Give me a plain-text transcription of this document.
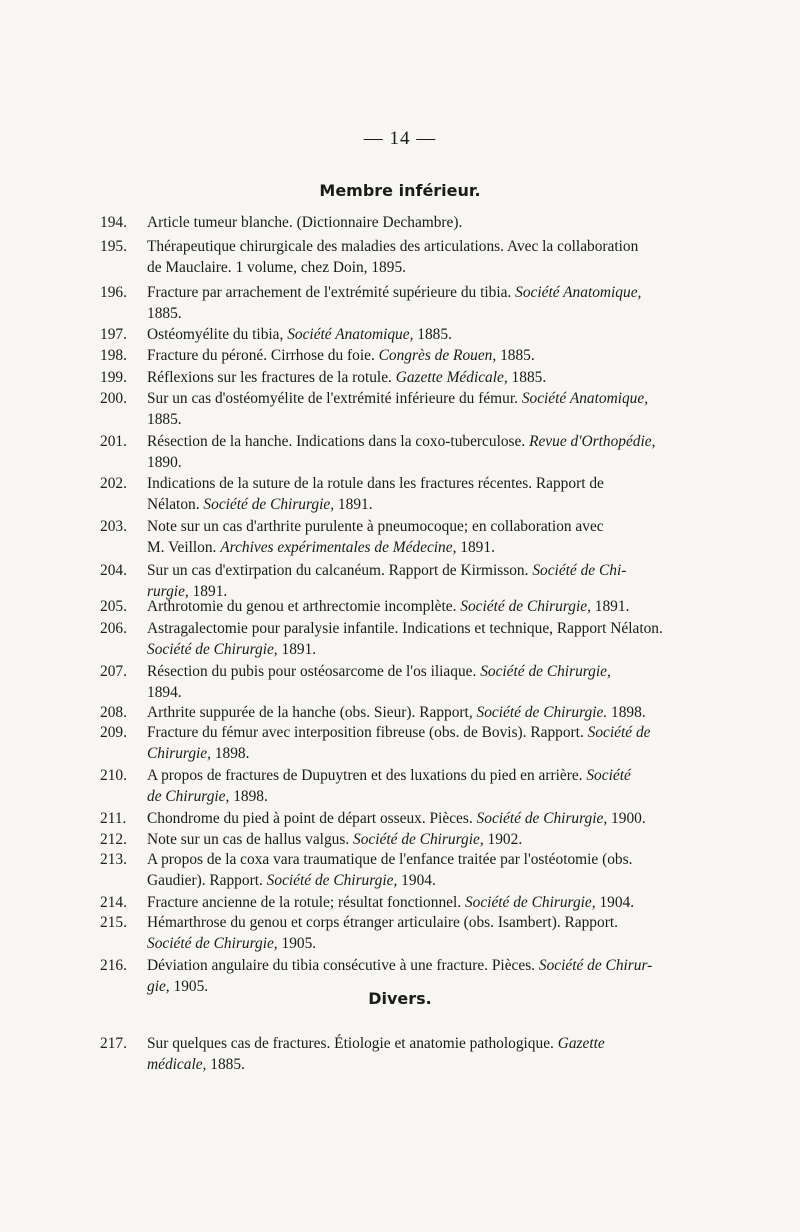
— 14 —
Membre inférieur.
Divers.
194.	Article tumeur blanche. (Dictionnaire Dechambre).
195.	Thérapeutique chirurgicale des maladies des articulations. Avec la collaboration
de Mauclaire. 1 volume, chez Doin, 1895.
196.	Fracture par arrachement de l'extrémité supérieure du tibia. Société Anatomique,
1885.
197.	Ostéomyélite du tibia, Société Anatomique, 1885.
198.	Fracture du péroné. Cirrhose du foie. Congrès de Rouen, 1885.
199.	Réflexions sur les fractures de la rotule. Gazette Médicale, 1885.
200.	Sur un cas d'ostéomyélite de l'extrémité inférieure du fémur. Société Anatomique,
1885.
201.	Résection de la hanche. Indications dans la coxo-tuberculose. Revue d'Orthopédie,
1890.
202.	Indications de la suture de la rotule dans les fractures récentes. Rapport de
Nélaton. Société de Chirurgie, 1891.
203.	Note sur un cas d'arthrite purulente à pneumocoque; en collaboration avec
M. Veillon. Archives expérimentales de Médecine, 1891.
204.	Sur un cas d'extirpation du calcanéum. Rapport de Kirmisson. Société de Chi-
rurgie, 1891.
205.	Arthrotomie du genou et arthrectomie incomplète. Société de Chirurgie, 1891.
206.	Astragalectomie pour paralysie infantile. Indications et technique, Rapport Nélaton.
Société de Chirurgie, 1891.
207.	Résection du pubis pour ostéosarcome de l'os iliaque. Société de Chirurgie,
1894.
208.	Arthrite suppurée de la hanche (obs. Sieur). Rapport, Société de Chirurgie. 1898.
209.	Fracture du fémur avec interposition fibreuse (obs. de Bovis). Rapport. Société de
Chirurgie, 1898.
210.	A propos de fractures de Dupuytren et des luxations du pied en arrière. Société
de Chirurgie, 1898.
211.	Chondrome du pied à point de départ osseux. Pièces. Société de Chirurgie, 1900.
212.	Note sur un cas de hallus valgus. Société de Chirurgie, 1902.
213.	A propos de la coxa vara traumatique de l'enfance traitée par l'ostéotomie (obs.
Gaudier). Rapport. Société de Chirurgie, 1904.
214.	Fracture ancienne de la rotule; résultat fonctionnel. Société de Chirurgie, 1904.
215.	Hémarthrose du genou et corps étranger articulaire (obs. Isambert). Rapport.
Société de Chirurgie, 1905.
216.	Déviation angulaire du tibia consécutive à une fracture. Pièces. Société de Chirur-
gie, 1905.
217.	Sur quelques cas de fractures. Étiologie et anatomie pathologique. Gazette
médicale, 1885.
